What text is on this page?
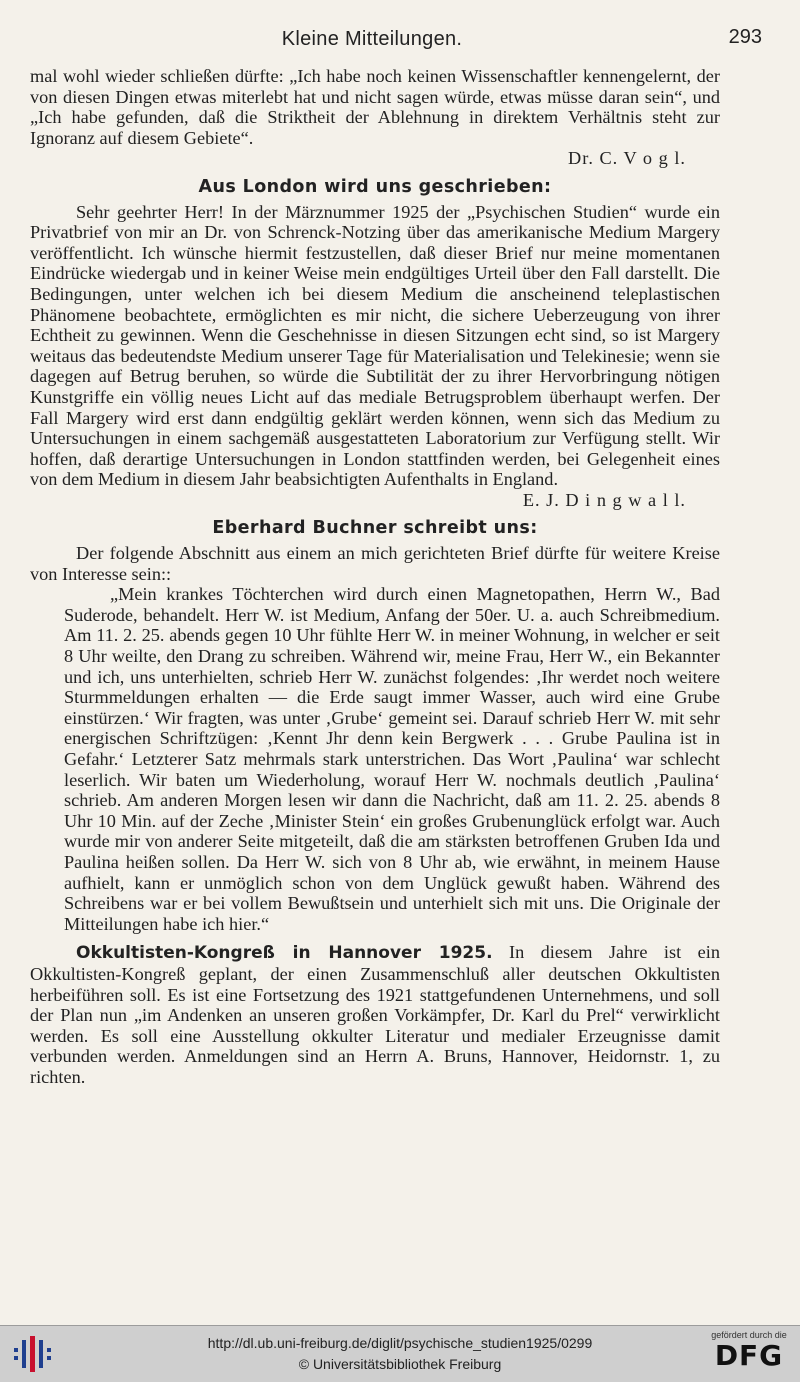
Kleine Mitteilungen.	293

mal wohl wieder schließen dürfte: „Ich habe noch keinen Wissenschaftler kennengelernt, der von diesen Dingen etwas miterlebt hat und nicht sagen würde, etwas müsse daran sein“, und „Ich habe gefunden, daß die Striktheit der Ablehnung in direktem Verhältnis steht zur Ignoranz auf diesem Gebiete“.

Dr. C. V o g l.

Aus London wird uns geschrieben:

Sehr geehrter Herr! In der Märznummer 1925 der „Psychischen Studien“ wurde ein Privatbrief von mir an Dr. von Schrenck-Notzing über das amerikanische Medium Margery veröffentlicht. Ich wünsche hiermit festzustellen, daß dieser Brief nur meine momentanen Eindrücke wiedergab und in keiner Weise mein endgültiges Urteil über den Fall darstellt. Die Bedingungen, unter welchen ich bei diesem Medium die anscheinend teleplastischen Phänomene beobachtete, ermöglichten es mir nicht, die sichere Ueberzeugung von ihrer Echtheit zu gewinnen. Wenn die Geschehnisse in diesen Sitzungen echt sind, so ist Margery weitaus das bedeutendste Medium unserer Tage für Materialisation und Telekinesie; wenn sie dagegen auf Betrug beruhen, so würde die Subtilität der zu ihrer Hervorbringung nötigen Kunstgriffe ein völlig neues Licht auf das mediale Betrugsproblem überhaupt werfen. Der Fall Margery wird erst dann endgültig geklärt werden können, wenn sich das Medium zu Untersuchungen in einem sachgemäß ausgestatteten Laboratorium zur Verfügung stellt. Wir hoffen, daß derartige Untersuchungen in London stattfinden werden, bei Gelegenheit eines von dem Medium in diesem Jahr beabsichtigten Aufenthalts in England.

E. J. D i n g w a l l.

Eberhard Buchner schreibt uns:

Der folgende Abschnitt aus einem an mich gerichteten Brief dürfte für weitere Kreise von Interesse sein::

„Mein krankes Töchterchen wird durch einen Magnetopathen, Herrn W., Bad Suderode, behandelt. Herr W. ist Medium, Anfang der 50er. U. a. auch Schreibmedium. Am 11. 2. 25. abends gegen 10 Uhr fühlte Herr W. in meiner Wohnung, in welcher er seit 8 Uhr weilte, den Drang zu schreiben. Während wir, meine Frau, Herr W., ein Bekannter und ich, uns unterhielten, schrieb Herr W. zunächst folgendes: ‚Ihr werdet noch weitere Sturmmeldungen erhalten — die Erde saugt immer Wasser, auch wird eine Grube einstürzen.‘ Wir fragten, was unter ‚Grube‘ gemeint sei. Darauf schrieb Herr W. mit sehr energischen Schriftzügen: ‚Kennt Jhr denn kein Bergwerk . . . Grube Paulina ist in Gefahr.‘ Letzterer Satz mehrmals stark unterstrichen. Das Wort ‚Paulina‘ war schlecht leserlich. Wir baten um Wiederholung, worauf Herr W. nochmals deutlich ‚Paulina‘ schrieb. Am anderen Morgen lesen wir dann die Nachricht, daß am 11. 2. 25. abends 8 Uhr 10 Min. auf der Zeche ‚Minister Stein‘ ein großes Grubenunglück erfolgt war. Auch wurde mir von anderer Seite mitgeteilt, daß die am stärksten betroffenen Gruben Ida und Paulina heißen sollen. Da Herr W. sich von 8 Uhr ab, wie erwähnt, in meinem Hause aufhielt, kann er unmöglich schon von dem Unglück gewußt haben. Während des Schreibens war er bei vollem Bewußtsein und unterhielt sich mit uns. Die Originale der Mitteilungen habe ich hier.“

Okkultisten-Kongreß in Hannover 1925. In diesem Jahre ist ein Okkultisten-Kongreß geplant, der einen Zusammenschluß aller deutschen Okkultisten herbeiführen soll. Es ist eine Fortsetzung des 1921 stattgefundenen Unternehmens, und soll der Plan nun „im Andenken an unseren großen Vorkämpfer, Dr. Karl du Prel“ verwirklicht werden. Es soll eine Ausstellung okkulter Literatur und medialer Erzeugnisse damit verbunden werden. Anmeldungen sind an Herrn A. Bruns, Hannover, Heidornstr. 1, zu richten.

http://dl.ub.uni-freiburg.de/diglit/psychische_studien1925/0299
© Universitätsbibliothek Freiburg
gefördert durch die
DFG
